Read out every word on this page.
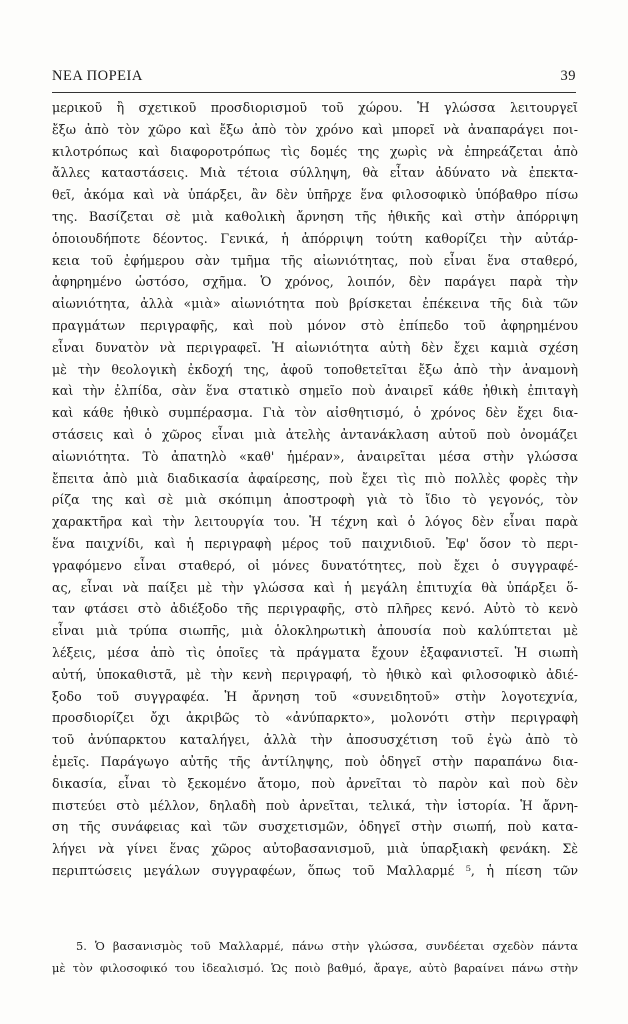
ΝΕΑ ΠΟΡΕΙΑ	39
μερικοῦ ἢ σχετικοῦ προσδιορισμοῦ τοῦ χώρου. Ἡ γλώσσα λειτουργεῖ
ἔξω ἀπὸ τὸν χῶρο καὶ ἔξω ἀπὸ τὸν χρόνο καὶ μπορεῖ νὰ ἀναπαράγει ποι-
κιλοτρόπως καὶ διαφοροτρόπως τὶς δομές της χωρὶς νὰ ἐπηρεάζεται ἀπὸ
ἄλλες καταστάσεις. Μιὰ τέτοια σύλληψη, θὰ εἶταν ἀδύνατο νὰ ἐπεκτα-
θεῖ, ἀκόμα καὶ νὰ ὑπάρξει, ἂν δὲν ὑπῆρχε ἕνα φιλοσοφικὸ ὑπόβαθρο πίσω
της. Βασίζεται σὲ μιὰ καθολικὴ ἄρνηση τῆς ἠθικῆς καὶ στὴν ἀπόρριψη
ὁποιουδήποτε δέοντος. Γενικά, ἡ ἀπόρριψη τούτη καθορίζει τὴν αὐτάρ-
κεια τοῦ ἐφήμερου σὰν τμῆμα τῆς αἰωνιότητας, ποὺ εἶναι ἕνα σταθερό,
ἀφηρημένο ὡστόσο, σχῆμα. Ὁ χρόνος, λοιπόν, δὲν παράγει παρὰ τὴν
αἰωνιότητα, ἀλλὰ «μιὰ» αἰωνιότητα ποὺ βρίσκεται ἐπέκεινα τῆς διὰ τῶν
πραγμάτων περιγραφῆς, καὶ ποὺ μόνον στὸ ἐπίπεδο τοῦ ἀφηρημένου
εἶναι δυνατὸν νὰ περιγραφεῖ. Ἡ αἰωνιότητα αὐτὴ δὲν ἔχει καμιὰ σχέση
μὲ τὴν θεολογικὴ ἐκδοχή της, ἀφοῦ τοποθετεῖται ἔξω ἀπὸ τὴν ἀναμονὴ
καὶ τὴν ἐλπίδα, σὰν ἕνα στατικὸ σημεῖο ποὺ ἀναιρεῖ κάθε ἠθικὴ ἐπιταγὴ
καὶ κάθε ἠθικὸ συμπέρασμα. Γιὰ τὸν αἰσθητισμό, ὁ χρόνος δὲν ἔχει δια-
στάσεις καὶ ὁ χῶρος εἶναι μιὰ ἀτελὴς ἀντανάκλαση αὐτοῦ ποὺ ὀνομάζει
αἰωνιότητα. Τὸ ἀπατηλὸ «καθ' ἡμέραν», ἀναιρεῖται μέσα στὴν γλώσσα
ἔπειτα ἀπὸ μιὰ διαδικασία ἀφαίρεσης, ποὺ ἔχει τὶς πιὸ πολλὲς φορὲς τὴν
ρίζα της καὶ σὲ μιὰ σκόπιμη ἀποστροφὴ γιὰ τὸ ἴδιο τὸ γεγονός, τὸν
χαρακτῆρα καὶ τὴν λειτουργία του. Ἡ τέχνη καὶ ὁ λόγος δὲν εἶναι παρὰ
ἕνα παιχνίδι, καὶ ἡ περιγραφὴ μέρος τοῦ παιχνιδιοῦ. Ἐφ' ὅσον τὸ περι-
γραφόμενο εἶναι σταθερό, οἱ μόνες δυνατότητες, ποὺ ἔχει ὁ συγγραφέ-
ας, εἶναι νὰ παίξει μὲ τὴν γλώσσα καὶ ἡ μεγάλη ἐπιτυχία θὰ ὑπάρξει ὅ-
ταν φτάσει στὸ ἀδιέξοδο τῆς περιγραφῆς, στὸ πλῆρες κενό. Αὐτὸ τὸ κενὸ
εἶναι μιὰ τρύπα σιωπῆς, μιὰ ὁλοκληρωτικὴ ἀπουσία ποὺ καλύπτεται μὲ
λέξεις, μέσα ἀπὸ τὶς ὁποῖες τὰ πράγματα ἔχουν ἐξαφανιστεῖ. Ἡ σιωπὴ
αὐτή, ὑποκαθιστᾶ, μὲ τὴν κενὴ περιγραφή, τὸ ἠθικὸ καὶ φιλοσοφικὸ ἀδιέ-
ξοδο τοῦ συγγραφέα. Ἡ ἄρνηση τοῦ «συνειδητοῦ» στὴν λογοτεχνία,
προσδιορίζει ὄχι ἀκριβῶς τὸ «ἀνύπαρκτο», μολονότι στὴν περιγραφὴ
τοῦ ἀνύπαρκτου καταλήγει, ἀλλὰ τὴν ἀποσυσχέτιση τοῦ ἐγὼ ἀπὸ τὸ
ἐμεῖς. Παράγωγο αὐτῆς τῆς ἀντίληψης, ποὺ ὁδηγεῖ στὴν παραπάνω δια-
δικασία, εἶναι τὸ ξεκομένο ἄτομο, ποὺ ἀρνεῖται τὸ παρὸν καὶ ποὺ δὲν
πιστεύει στὸ μέλλον, δηλαδὴ ποὺ ἀρνεῖται, τελικά, τὴν ἱστορία. Ἡ ἄρνη-
ση τῆς συνάφειας καὶ τῶν συσχετισμῶν, ὁδηγεῖ στὴν σιωπή, ποὺ κατα-
λήγει νὰ γίνει ἕνας χῶρος αὐτοβασανισμοῦ, μιὰ ὑπαρξιακὴ φενάκη. Σὲ
περιπτώσεις μεγάλων συγγραφέων, ὅπως τοῦ Μαλλαρμέ ⁵, ἡ πίεση τῶν
5. Ὁ βασανισμὸς τοῦ Μαλλαρμέ, πάνω στὴν γλώσσα, συνδέεται σχεδὸν πάντα
μὲ τὸν φιλοσοφικό του ἰδεαλισμό. Ὡς ποιὸ βαθμό, ἄραγε, αὐτὸ βαραίνει πάνω στὴν
